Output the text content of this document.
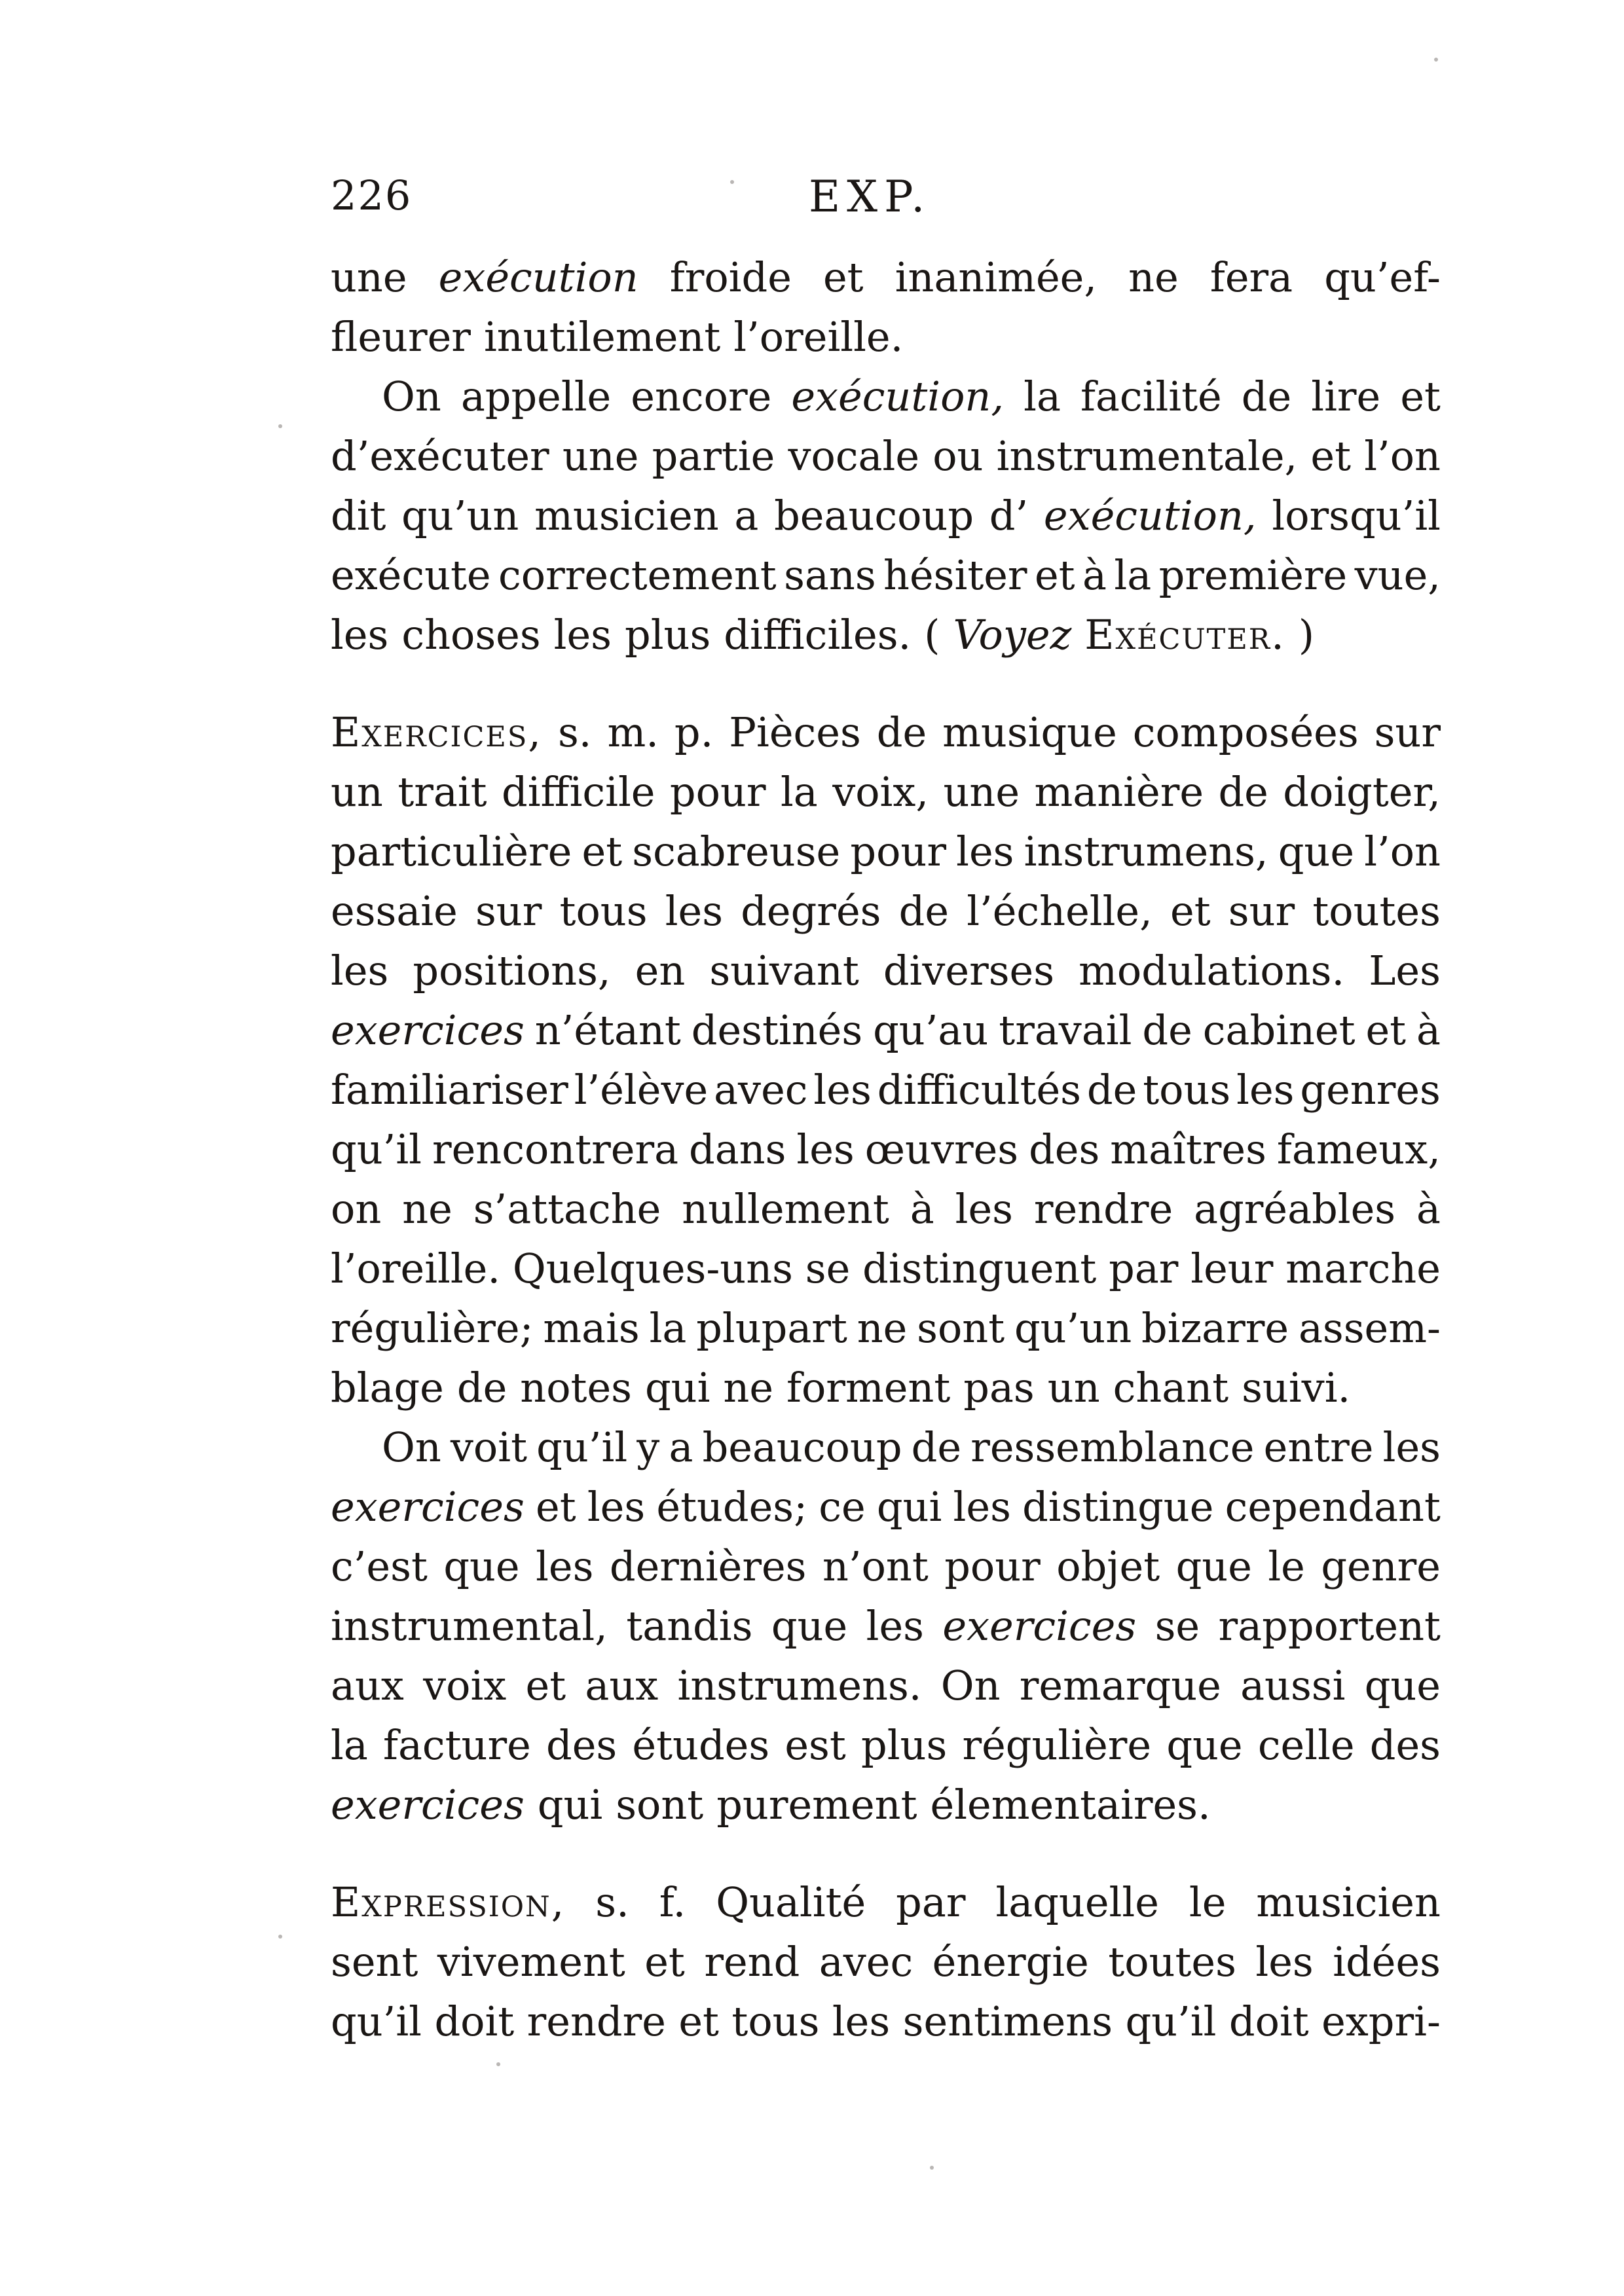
226	EXP.
une exécution froide et inanimée, ne fera qu’ef-
fleurer inutilement l’oreille.
On appelle encore exécution, la facilité de lire et
d’exécuter une partie vocale ou instrumentale, et l’on
dit qu’un musicien a beaucoup d’ exécution, lorsqu’il
exécute correctement sans hésiter et à la première vue,
les choses les plus difficiles. ( Voyez Exécuter. )
Exercices, s. m. p. Pièces de musique composées sur
un trait difficile pour la voix, une manière de doigter,
particulière et scabreuse pour les instrumens, que l’on
essaie sur tous les degrés de l’échelle, et sur toutes
les positions, en suivant diverses modulations. Les
exercices n’étant destinés qu’au travail de cabinet et à
familiariser l’élève avec les difficultés de tous les genres
qu’il rencontrera dans les œuvres des maîtres fameux,
on ne s’attache nullement à les rendre agréables à
l’oreille. Quelques-uns se distinguent par leur marche
régulière; mais la plupart ne sont qu’un bizarre assem-
blage de notes qui ne forment pas un chant suivi.
On voit qu’il y a beaucoup de ressemblance entre les
exercices et les études; ce qui les distingue cependant
c’est que les dernières n’ont pour objet que le genre
instrumental, tandis que les exercices se rapportent
aux voix et aux instrumens. On remarque aussi que
la facture des études est plus régulière que celle des
exercices qui sont purement élementaires.
Expression, s. f. Qualité par laquelle le musicien
sent vivement et rend avec énergie toutes les idées
qu’il doit rendre et tous les sentimens qu’il doit expri-
